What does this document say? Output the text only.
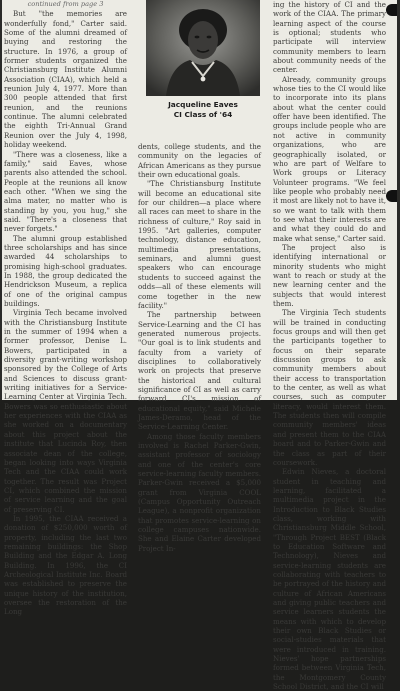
continued from page 3

But "the memories are wonderfully fond," Carter said. Some of the alumni dreamed of buying and restoring the structure. In 1976, a group of former students organized the Christiansburg Institute Alumni Association (CIAA), which held a reunion July 4, 1977. More than 300 people attended that first reunion, and the reunions continue. The alumni celebrated the eighth Tri-Annual Grand Reunion over the July 4, 1998, holiday weekend.

"There was a closeness, like a family," said Eaves, whose parents also attended the school. People at the reunions all know each other. "When we sing the alma mater, no matter who is standing by you, you hug," she said. "There's a closeness that never forgets."

The alumni group established three scholarships and has since awarded 44 scholarships to promising high-school graduates. In 1988, the group dedicated the Hendrickson Museum, a replica of one of the original campus buildings.

Virginia Tech became involved with the Christiansburg Institute in the summer of 1994 when a former professor, Denise L. Bowers, participated in a diversity grant-writing workshop sponsored by the College of Arts and Sciences to discuss grant-writing initiatives for a Service-Learning Center at Virginia Tech. Bowers was so enthusiastic about her experiences with the CIAA as she worked on a documentary about this project about the institute that Lucinda Roy, then associate dean of the college, began looking into ways Virginia Tech and the CIAA could work together. The result was Project CI, which combined the mission of service learning and the goal of preserving CI.

In 1995, the CIAA received a donation of $250,000 worth of property, including the last two remaining buildings: the Shop Building and the Edgar A. Long Building. In 1996, the CI Archeological Institute Inc. Board was established to preserve the unique history of the institution, oversee the restoration of the Long

Jacqueline Eaves
CI Class of '64

dents, college students, and the community on the legacies of African Americans as they pursue their own educational goals.

"The Christiansburg Institute will become an educational site for our children—a place where all races can meet to share in the richness of culture," Roy said in 1995. "Art galleries, computer technology, distance education, multimedia presentations, seminars, and alumni guest speakers who can encourage students to succeed against the odds—all of these elements will come together in the new facility."

The partnership between Service-Learning and the CI has generated numerous projects. "Our goal is to link students and faculty from a variety of disciplines to collaboratively work on projects that preserve the historical and cultural significance of CI as well as carry forward CI's mission of educational equity," said Michele James-Deramo, head of the Service-Learning Center.

Among those faculty members involved is Rachel Parker-Gwin, assistant professor of sociology and one of the center's core service-learning faculty members. Parker-Gwin received a $5,000 grant from Virginia COOL (Campus Opportunity Outreach League), a nonprofit organization that promotes service-learning on college campuses nationwide. She and Elaine Carter developed Project In-

ing the history of CI and the work of the CIAA. The primary learning aspect of the course is optional; students who participate will interview community members to learn about community needs of the center.

Already, community groups whose ties to the CI would like to incorporate into its plans about what the center could offer have been identified. The groups include people who are not active in community organizations, who are geographically isolated, or who are part of Welfare to Work groups or Literacy Volunteer programs. "We feel like people who probably need it most are likely not to have it, so we want to talk with them to see what their interests are and what they could do and make what sense," Carter said.

The project also is identifying international or minority students who might want to reach or study at the new learning center and the subjects that would interest them.

The Virginia Tech students will be trained in conducting focus groups and will then get the participants together to focus on their separate discussion groups to ask community members about their access to transportation to the center, as well as what courses, such as computer literacy, would interest them. The students then will compile community members' ideas and present them to the CIAA board and to Parker-Gwin and the class as part of their coursework.

Edwin Nieves, a doctoral student in teaching and learning, facilitated a multimedia project in the Introduction to Black Studies class, working with Christiansburg Middle School, "Through Project BEST (Black to Education Software and Technology), Nieves and service-learning students are collaborating with teachers to be portrayed of the history and culture of African Americans and giving public teachers and service learners students the means with which to develop their own Black Studies or social-studies materials that were introduced in training. Nieves' hope partnerships formed between Virginia Tech, the Montgomery County School District, and the CI will
